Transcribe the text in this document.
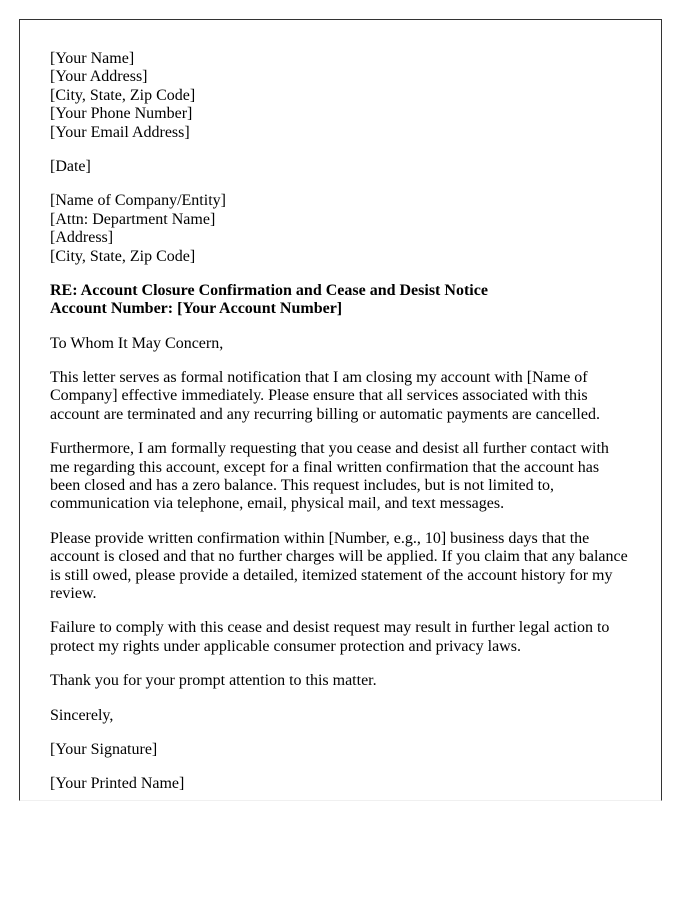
[Your Name]
[Your Address]
[City, State, Zip Code]
[Your Phone Number]
[Your Email Address]
[Date]
[Name of Company/Entity]
[Attn: Department Name]
[Address]
[City, State, Zip Code]
RE: Account Closure Confirmation and Cease and Desist Notice
Account Number: [Your Account Number]
To Whom It May Concern,
This letter serves as formal notification that I am closing my account with [Name of Company] effective immediately. Please ensure that all services associated with this account are terminated and any recurring billing or automatic payments are cancelled.
Furthermore, I am formally requesting that you cease and desist all further contact with me regarding this account, except for a final written confirmation that the account has been closed and has a zero balance. This request includes, but is not limited to, communication via telephone, email, physical mail, and text messages.
Please provide written confirmation within [Number, e.g., 10] business days that the account is closed and that no further charges will be applied. If you claim that any balance is still owed, please provide a detailed, itemized statement of the account history for my review.
Failure to comply with this cease and desist request may result in further legal action to protect my rights under applicable consumer protection and privacy laws.
Thank you for your prompt attention to this matter.
Sincerely,
[Your Signature]
[Your Printed Name]
